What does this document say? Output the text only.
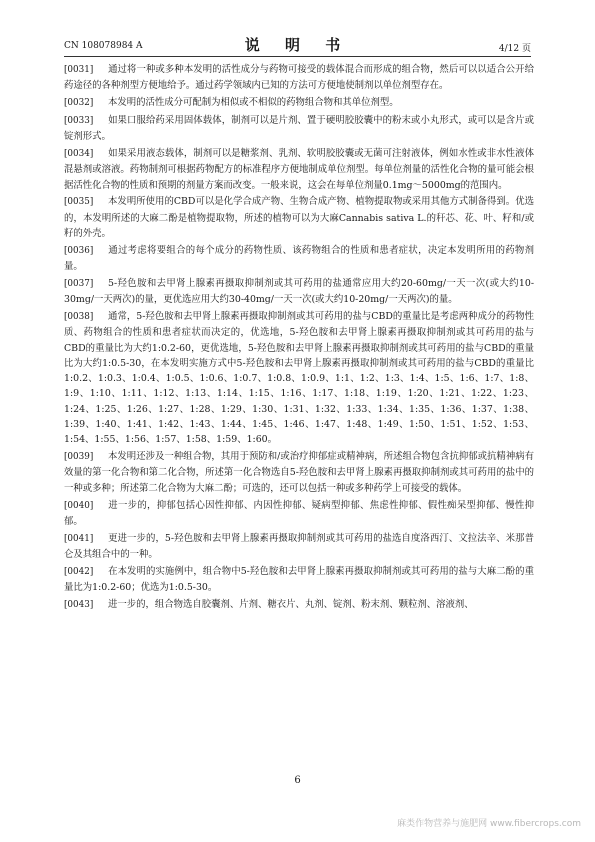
CN 108078984 A	说 明 书	4/12 页

[0031] 通过将一种或多种本发明的活性成分与药物可接受的载体混合而形成的组合物，然后可以以适合公开给药途径的各种剂型方便地给予。通过药学领域内已知的方法可方便地使制剂以单位剂型存在。

[0032] 本发明的活性成分可配制为相似或不相似的药物组合物和其单位剂型。

[0033] 如果口服给药采用固体载体，制剂可以是片剂、置于硬明胶胶囊中的粉末或小丸形式，或可以是含片或锭剂形式。

[0034] 如果采用液态载体，制剂可以是糖浆剂、乳剂、软明胶胶囊或无菌可注射液体，例如水性或非水性液体混悬剂或溶液。药物制剂可根据药物配方的标准程序方便地制成单位剂型。每单位剂量的活性化合物的量可能会根据活性化合物的性质和预期的剂量方案而改变。一般来说，这会在每单位剂量0.1mg～5000mg的范围内。

[0035] 本发明所使用的CBD可以是化学合成产物、生物合成产物、植物提取物或采用其他方式制备得到。优选的，本发明所述的大麻二酚是植物提取物，所述的植物可以为大麻Cannabis sativa L.的秆芯、花、叶、籽和/或籽的外壳。

[0036] 通过考虑将要组合的每个成分的药物性质、该药物组合的性质和患者症状，决定本发明所用的药物剂量。

[0037] 5-羟色胺和去甲肾上腺素再摄取抑制剂或其可药用的盐通常应用大约20-60mg/一天一次(或大约10-30mg/一天两次)的量，更优选应用大约30-40mg/一天一次(或大约10-20mg/一天两次)的量。

[0038] 通常，5-羟色胺和去甲肾上腺素再摄取抑制剂或其可药用的盐与CBD的重量比是考虑两种成分的药物性质、药物组合的性质和患者症状而决定的，优选地，5-羟色胺和去甲肾上腺素再摄取抑制剂或其可药用的盐与CBD的重量比为大约1:0.2-60，更优选地，5-羟色胺和去甲肾上腺素再摄取抑制剂或其可药用的盐与CBD的重量比为大约1:0.5-30，在本发明实施方式中5-羟色胺和去甲肾上腺素再摄取抑制剂或其可药用的盐与CBD的重量比1:0.2、1:0.3、1:0.4、1:0.5、1:0.6、1:0.7、1:0.8、1:0.9、1:1、1:2、1:3、1:4、1:5、1:6、1:7、1:8、1:9、1:10、1:11、1:12、1:13、1:14、1:15、1:16、1:17、1:18、1:19、1:20、1:21、1:22、1:23、1:24、1:25、1:26、1:27、1:28、1:29、1:30、1:31、1:32、1:33、1:34、1:35、1:36、1:37、1:38、1:39、1:40、1:41、1:42、1:43、1:44、1:45、1:46、1:47、1:48、1:49、1:50、1:51、1:52、1:53、1:54、1:55、1:56、1:57、1:58、1:59、1:60。

[0039] 本发明还涉及一种组合物，其用于预防和/或治疗抑郁症或精神病，所述组合物包含抗抑郁或抗精神病有效量的第一化合物和第二化合物，所述第一化合物选自5-羟色胺和去甲肾上腺素再摄取抑制剂或其可药用的盐中的一种或多种；所述第二化合物为大麻二酚；可选的，还可以包括一种或多种药学上可接受的载体。

[0040] 进一步的，抑郁包括心因性抑郁、内因性抑郁、疑病型抑郁、焦虑性抑郁、假性痴呆型抑郁、慢性抑郁。

[0041] 更进一步的，5-羟色胺和去甲肾上腺素再摄取抑制剂或其可药用的盐选自度洛西汀、文拉法辛、米那普仑及其组合中的一种。

[0042] 在本发明的实施例中，组合物中5-羟色胺和去甲肾上腺素再摄取抑制剂或其可药用的盐与大麻二酚的重量比为1:0.2-60；优选为1:0.5-30。

[0043] 进一步的，组合物选自胶囊剂、片剂、糖衣片、丸剂、锭剂、粉末剂、颗粒剂、溶液剂、

6
麻类作物营养与施肥网 www.fibercrops.com
